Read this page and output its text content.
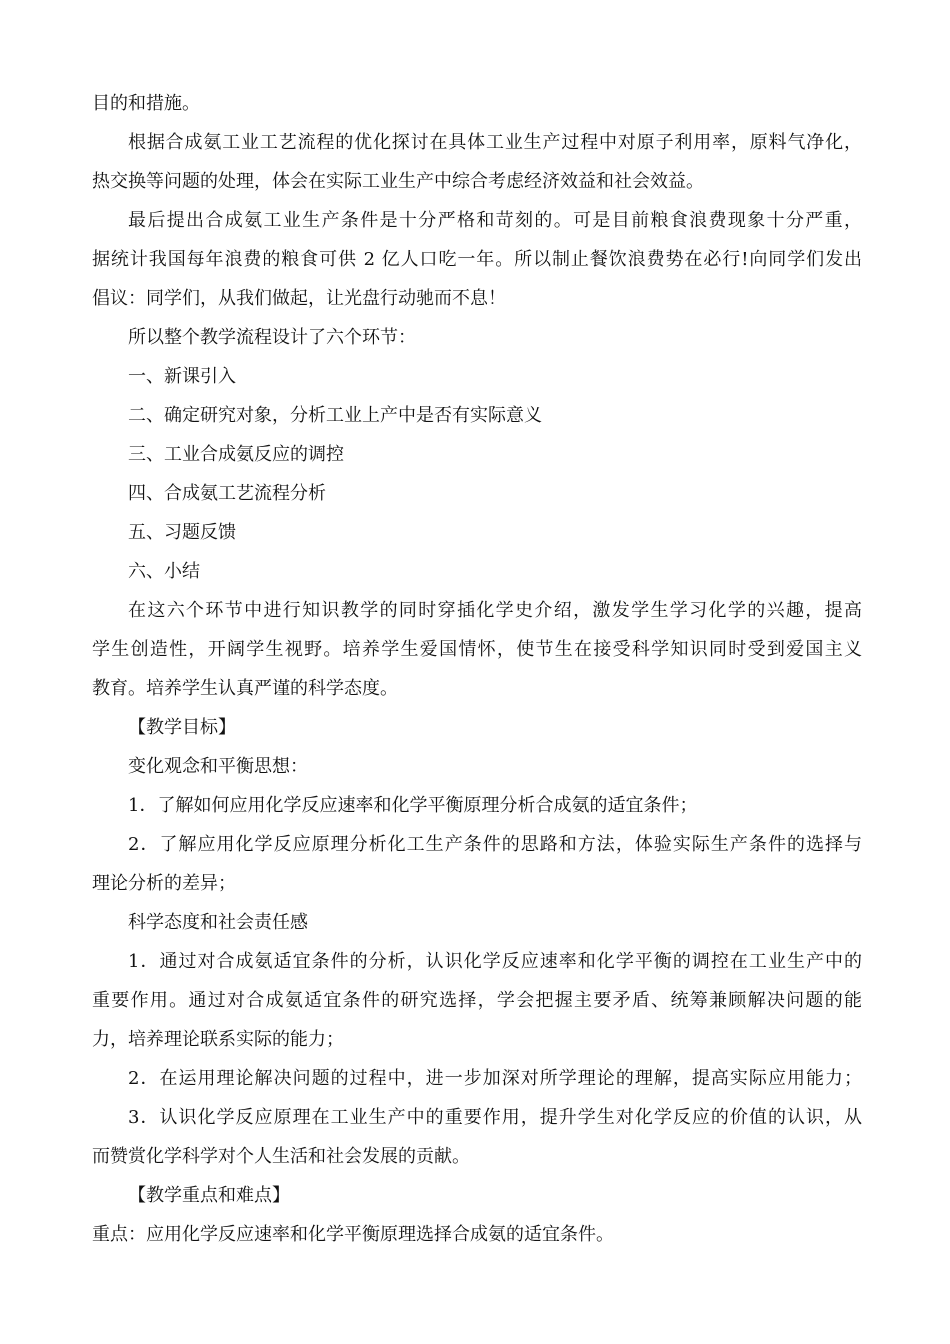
目的和措施。
根据合成氨工业工艺流程的优化探讨在具体工业生产过程中对原子利用率，原料气净化，
热交换等问题的处理，体会在实际工业生产中综合考虑经济效益和社会效益。
最后提出合成氨工业生产条件是十分严格和苛刻的。可是目前粮食浪费现象十分严重，
据统计我国每年浪费的粮食可供 2 亿人口吃一年。所以制止餐饮浪费势在必行!向同学们发出
倡议：同学们，从我们做起，让光盘行动驰而不息！
所以整个教学流程设计了六个环节：
一、新课引入
二、确定研究对象，分析工业上产中是否有实际意义
三、工业合成氨反应的调控
四、合成氨工艺流程分析
五、习题反馈
六、小结
在这六个环节中进行知识教学的同时穿插化学史介绍，激发学生学习化学的兴趣，提高
学生创造性，开阔学生视野。培养学生爱国情怀，使节生在接受科学知识同时受到爱国主义
教育。培养学生认真严谨的科学态度。
【教学目标】
变化观念和平衡思想：
1．了解如何应用化学反应速率和化学平衡原理分析合成氨的适宜条件；
2．了解应用化学反应原理分析化工生产条件的思路和方法，体验实际生产条件的选择与
理论分析的差异；
科学态度和社会责任感
1．通过对合成氨适宜条件的分析，认识化学反应速率和化学平衡的调控在工业生产中的
重要作用。通过对合成氨适宜条件的研究选择，学会把握主要矛盾、统筹兼顾解决问题的能
力，培养理论联系实际的能力；
2．在运用理论解决问题的过程中，进一步加深对所学理论的理解，提高实际应用能力；
3．认识化学反应原理在工业生产中的重要作用，提升学生对化学反应的价值的认识，从
而赞赏化学科学对个人生活和社会发展的贡献。
【教学重点和难点】
重点：应用化学反应速率和化学平衡原理选择合成氨的适宜条件。
